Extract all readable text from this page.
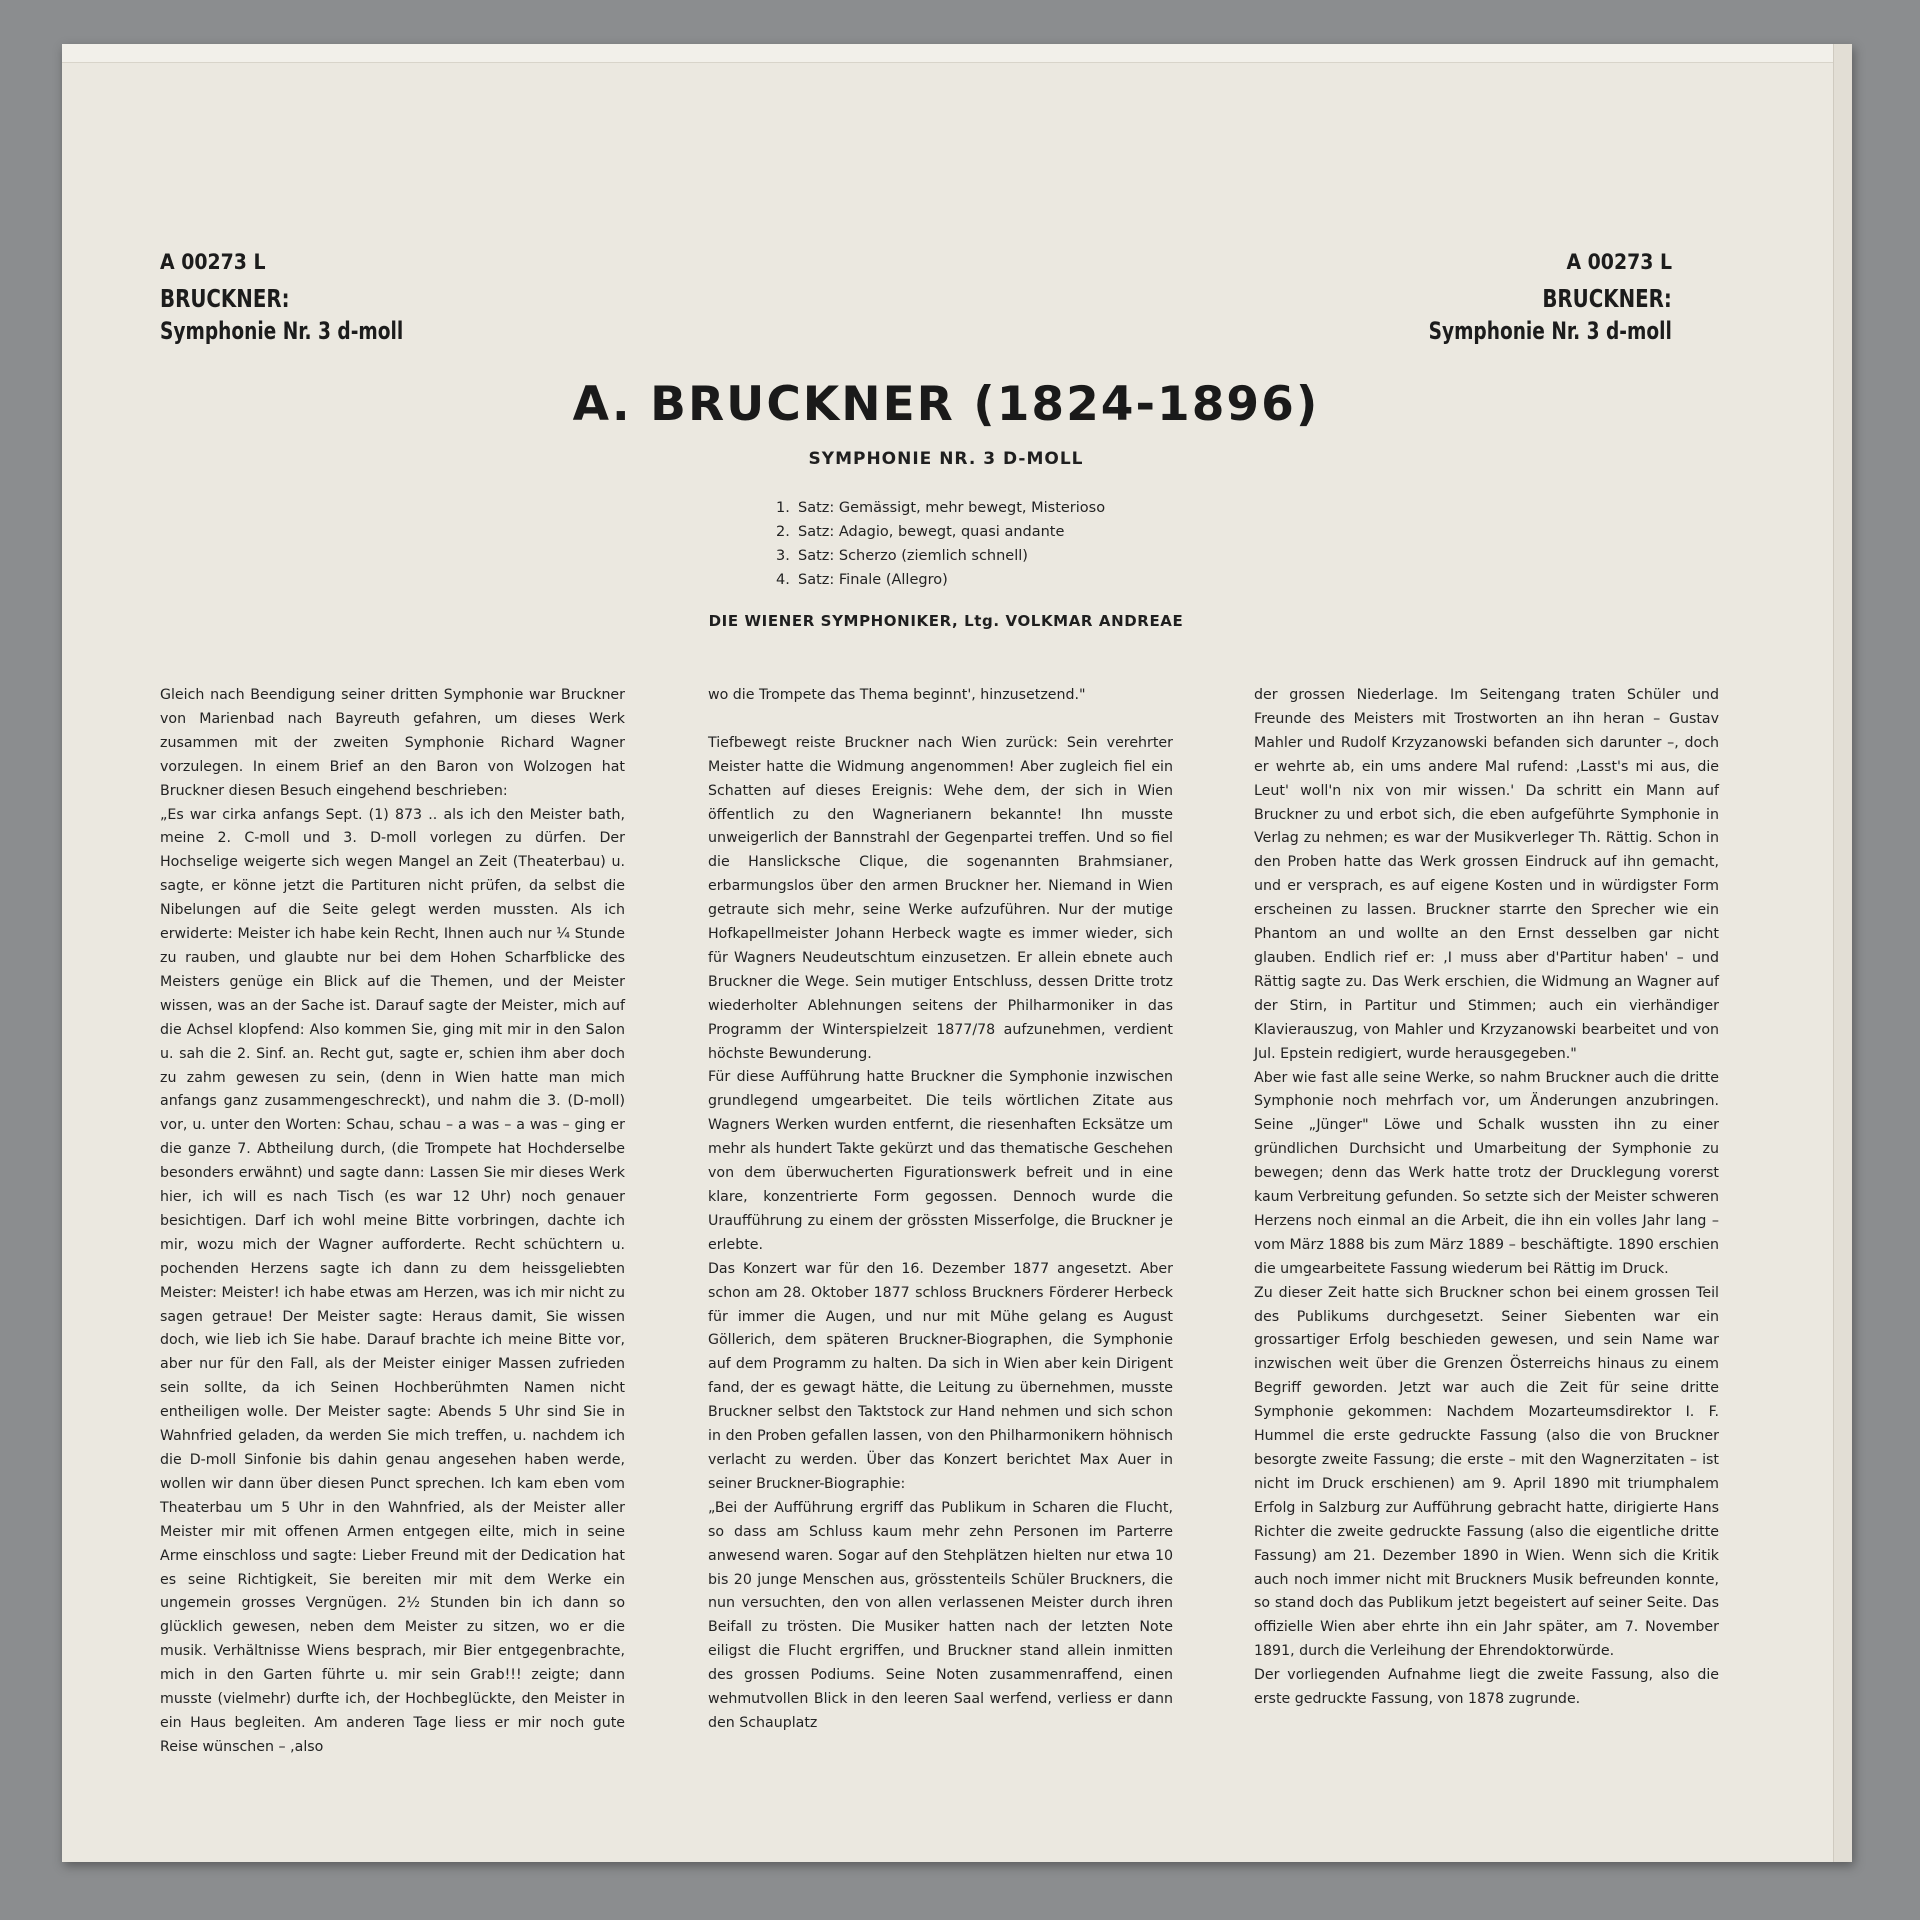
A 00273 L
BRUCKNER:
Symphonie Nr. 3 d-moll
A 00273 L
BRUCKNER:
Symphonie Nr. 3 d-moll
A. BRUCKNER (1824-1896)
SYMPHONIE NR. 3 D-MOLL
1. Satz: Gemässigt, mehr bewegt, Misterioso
2. Satz: Adagio, bewegt, quasi andante
3. Satz: Scherzo (ziemlich schnell)
4. Satz: Finale (Allegro)
DIE WIENER SYMPHONIKER, Ltg. VOLKMAR ANDREAE

Gleich nach Beendigung seiner dritten Symphonie war Bruckner von Marienbad nach Bayreuth gefahren, um dieses Werk zusammen mit der zweiten Symphonie Richard Wagner vorzulegen. In einem Brief an den Baron von Wolzogen hat Bruckner diesen Besuch eingehend beschrieben:

„Es war cirka anfangs Sept. (1) 873 .. als ich den Meister bath, meine 2. C-moll und 3. D-moll vorlegen zu dürfen. Der Hochselige weigerte sich wegen Mangel an Zeit (Theaterbau) u. sagte, er könne jetzt die Partituren nicht prüfen, da selbst die Nibelungen auf die Seite gelegt werden mussten. Als ich erwiderte: Meister ich habe kein Recht, Ihnen auch nur ¼ Stunde zu rauben, und glaubte nur bei dem Hohen Scharfblicke des Meisters genüge ein Blick auf die Themen, und der Meister wissen, was an der Sache ist. Darauf sagte der Meister, mich auf die Achsel klopfend: Also kommen Sie, ging mit mir in den Salon u. sah die 2. Sinf. an. Recht gut, sagte er, schien ihm aber doch zu zahm gewesen zu sein, (denn in Wien hatte man mich anfangs ganz zusammengeschreckt), und nahm die 3. (D-moll) vor, u. unter den Worten: Schau, schau – a was – a was – ging er die ganze 7. Abtheilung durch, (die Trompete hat Hochderselbe besonders erwähnt) und sagte dann: Lassen Sie mir dieses Werk hier, ich will es nach Tisch (es war 12 Uhr) noch genauer besichtigen. Darf ich wohl meine Bitte vorbringen, dachte ich mir, wozu mich der Wagner aufforderte. Recht schüchtern u. pochenden Herzens sagte ich dann zu dem heissgeliebten Meister: Meister! ich habe etwas am Herzen, was ich mir nicht zu sagen getraue! Der Meister sagte: Heraus damit, Sie wissen doch, wie lieb ich Sie habe. Darauf brachte ich meine Bitte vor, aber nur für den Fall, als der Meister einiger Massen zufrieden sein sollte, da ich Seinen Hochberühmten Namen nicht entheiligen wolle. Der Meister sagte: Abends 5 Uhr sind Sie in Wahnfried geladen, da werden Sie mich treffen, u. nachdem ich die D-moll Sinfonie bis dahin genau angesehen haben werde, wollen wir dann über diesen Punct sprechen. Ich kam eben vom Theaterbau um 5 Uhr in den Wahnfried, als der Meister aller Meister mir mit offenen Armen entgegen eilte, mich in seine Arme einschloss und sagte: Lieber Freund mit der Dedication hat es seine Richtigkeit, Sie bereiten mir mit dem Werke ein ungemein grosses Vergnügen. 2½ Stunden bin ich dann so glücklich gewesen, neben dem Meister zu sitzen, wo er die musik. Verhältnisse Wiens besprach, mir Bier entgegenbrachte, mich in den Garten führte u. mir sein Grab!!! zeigte; dann musste (vielmehr) durfte ich, der Hochbeglückte, den Meister in ein Haus begleiten. Am anderen Tage liess er mir noch gute Reise wünschen – ,also

wo die Trompete das Thema beginnt', hinzusetzend."

Tiefbewegt reiste Bruckner nach Wien zurück: Sein verehrter Meister hatte die Widmung angenommen! Aber zugleich fiel ein Schatten auf dieses Ereignis: Wehe dem, der sich in Wien öffentlich zu den Wagnerianern bekannte! Ihn musste unweigerlich der Bannstrahl der Gegenpartei treffen. Und so fiel die Hanslicksche Clique, die sogenannten Brahmsianer, erbarmungslos über den armen Bruckner her. Niemand in Wien getraute sich mehr, seine Werke aufzuführen. Nur der mutige Hofkapellmeister Johann Herbeck wagte es immer wieder, sich für Wagners Neudeutschtum einzusetzen. Er allein ebnete auch Bruckner die Wege. Sein mutiger Entschluss, dessen Dritte trotz wiederholter Ablehnungen seitens der Philharmoniker in das Programm der Winterspielzeit 1877/78 aufzunehmen, verdient höchste Bewunderung.

Für diese Aufführung hatte Bruckner die Symphonie inzwischen grundlegend umgearbeitet. Die teils wörtlichen Zitate aus Wagners Werken wurden entfernt, die riesenhaften Ecksätze um mehr als hundert Takte gekürzt und das thematische Geschehen von dem überwucherten Figurationswerk befreit und in eine klare, konzentrierte Form gegossen. Dennoch wurde die Uraufführung zu einem der grössten Misserfolge, die Bruckner je erlebte.

Das Konzert war für den 16. Dezember 1877 angesetzt. Aber schon am 28. Oktober 1877 schloss Bruckners Förderer Herbeck für immer die Augen, und nur mit Mühe gelang es August Göllerich, dem späteren Bruckner-Biographen, die Symphonie auf dem Programm zu halten. Da sich in Wien aber kein Dirigent fand, der es gewagt hätte, die Leitung zu übernehmen, musste Bruckner selbst den Taktstock zur Hand nehmen und sich schon in den Proben gefallen lassen, von den Philharmonikern höhnisch verlacht zu werden. Über das Konzert berichtet Max Auer in seiner Bruckner-Biographie:

„Bei der Aufführung ergriff das Publikum in Scharen die Flucht, so dass am Schluss kaum mehr zehn Personen im Parterre anwesend waren. Sogar auf den Stehplätzen hielten nur etwa 10 bis 20 junge Menschen aus, grösstenteils Schüler Bruckners, die nun versuchten, den von allen verlassenen Meister durch ihren Beifall zu trösten. Die Musiker hatten nach der letzten Note eiligst die Flucht ergriffen, und Bruckner stand allein inmitten des grossen Podiums. Seine Noten zusammenraffend, einen wehmutvollen Blick in den leeren Saal werfend, verliess er dann den Schauplatz

der grossen Niederlage. Im Seitengang traten Schüler und Freunde des Meisters mit Trostworten an ihn heran – Gustav Mahler und Rudolf Krzyzanowski befanden sich darunter –, doch er wehrte ab, ein ums andere Mal rufend: ‚Lasst's mi aus, die Leut' woll'n nix von mir wissen.' Da schritt ein Mann auf Bruckner zu und erbot sich, die eben aufgeführte Symphonie in Verlag zu nehmen; es war der Musikverleger Th. Rättig. Schon in den Proben hatte das Werk grossen Eindruck auf ihn gemacht, und er versprach, es auf eigene Kosten und in würdigster Form erscheinen zu lassen. Bruckner starrte den Sprecher wie ein Phantom an und wollte an den Ernst desselben gar nicht glauben. Endlich rief er: ‚I muss aber d'Partitur haben' – und Rättig sagte zu. Das Werk erschien, die Widmung an Wagner auf der Stirn, in Partitur und Stimmen; auch ein vierhändiger Klavierauszug, von Mahler und Krzyzanowski bearbeitet und von Jul. Epstein redigiert, wurde herausgegeben."

Aber wie fast alle seine Werke, so nahm Bruckner auch die dritte Symphonie noch mehrfach vor, um Änderungen anzubringen. Seine „Jünger" Löwe und Schalk wussten ihn zu einer gründlichen Durchsicht und Umarbeitung der Symphonie zu bewegen; denn das Werk hatte trotz der Drucklegung vorerst kaum Verbreitung gefunden. So setzte sich der Meister schweren Herzens noch einmal an die Arbeit, die ihn ein volles Jahr lang – vom März 1888 bis zum März 1889 – beschäftigte. 1890 erschien die umgearbeitete Fassung wiederum bei Rättig im Druck.

Zu dieser Zeit hatte sich Bruckner schon bei einem grossen Teil des Publikums durchgesetzt. Seiner Siebenten war ein grossartiger Erfolg beschieden gewesen, und sein Name war inzwischen weit über die Grenzen Österreichs hinaus zu einem Begriff geworden. Jetzt war auch die Zeit für seine dritte Symphonie gekommen: Nachdem Mozarteumsdirektor I. F. Hummel die erste gedruckte Fassung (also die von Bruckner besorgte zweite Fassung; die erste – mit den Wagnerzitaten – ist nicht im Druck erschienen) am 9. April 1890 mit triumphalem Erfolg in Salzburg zur Aufführung gebracht hatte, dirigierte Hans Richter die zweite gedruckte Fassung (also die eigentliche dritte Fassung) am 21. Dezember 1890 in Wien. Wenn sich die Kritik auch noch immer nicht mit Bruckners Musik befreunden konnte, so stand doch das Publikum jetzt begeistert auf seiner Seite. Das offizielle Wien aber ehrte ihn ein Jahr später, am 7. November 1891, durch die Verleihung der Ehrendoktorwürde.

Der vorliegenden Aufnahme liegt die zweite Fassung, also die erste gedruckte Fassung, von 1878 zugrunde.
